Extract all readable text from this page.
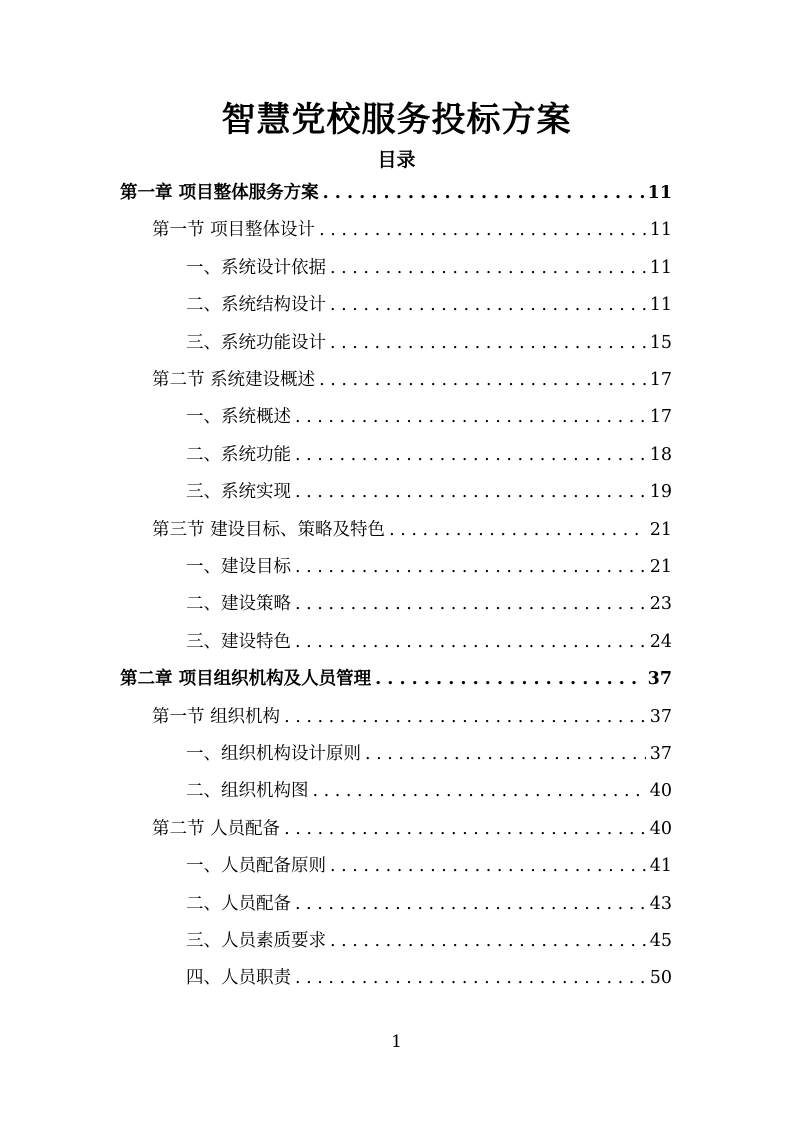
智慧党校服务投标方案
目录
第一章 项目整体服务方案 . . .	11
第一节 项目整体设计 . . .	11
一、系统设计依据 . . .	11
二、系统结构设计 . . .	11
三、系统功能设计 . . .	15
第二节 系统建设概述 . . .	17
一、系统概述 . . .	17
二、系统功能 . . .	18
三、系统实现 . . .	19
第三节 建设目标、策略及特色 . . .	21
一、建设目标 . . .	21
二、建设策略 . . .	23
三、建设特色 . . .	24
第二章 项目组织机构及人员管理 . . .	37
第一节 组织机构 . . .	37
一、组织机构设计原则 . . .	37
二、组织机构图 . . .	40
第二节 人员配备 . . .	40
一、人员配备原则 . . .	41
二、人员配备 . . .	43
三、人员素质要求 . . .	45
四、人员职责 . . .	50
1
